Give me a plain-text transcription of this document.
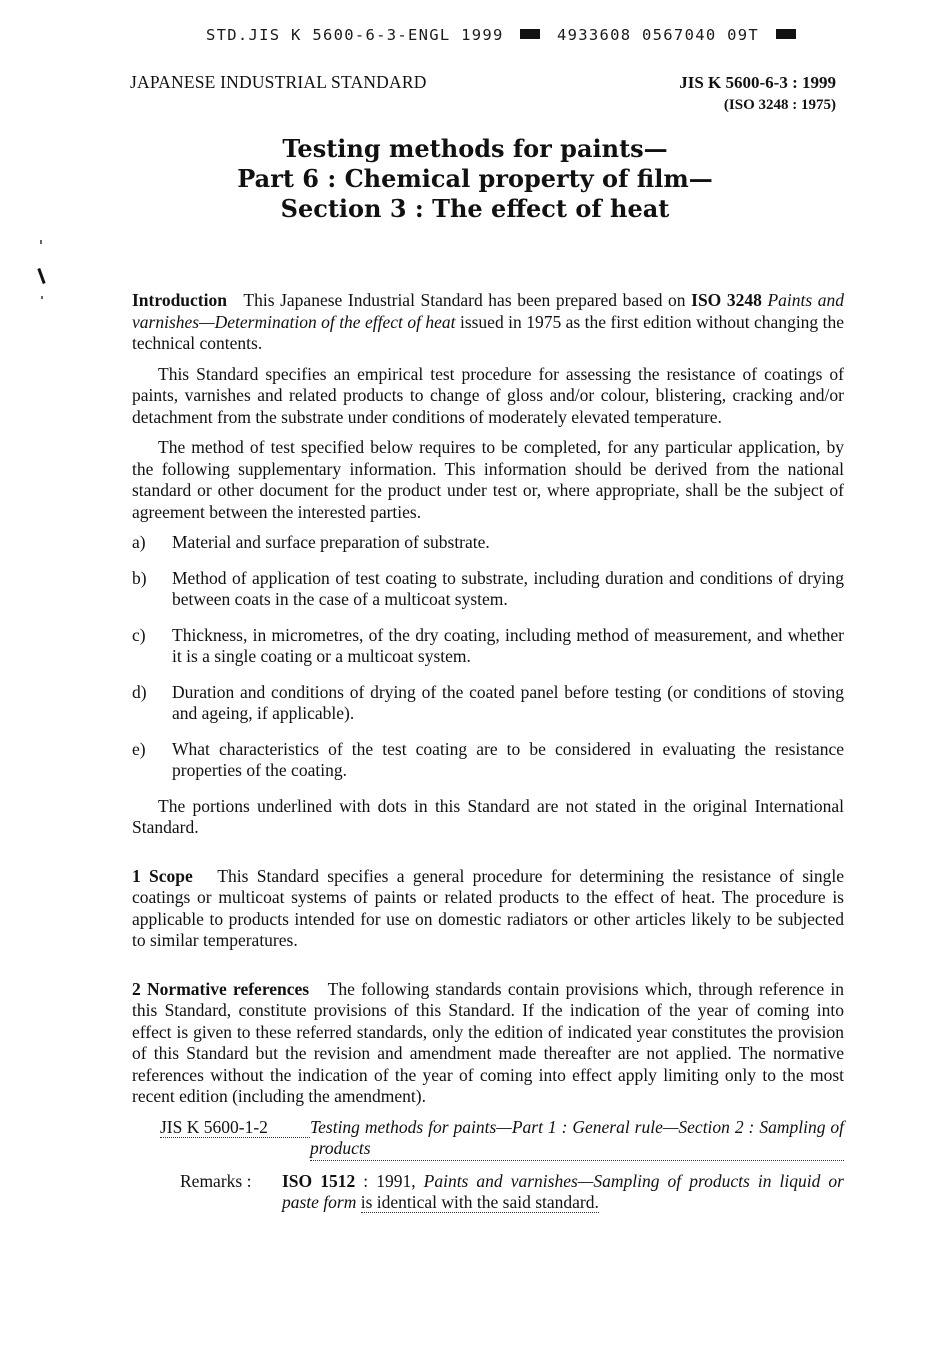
STD.JIS K 5600-6-3-ENGL 1999	4933608 0567040 09T
JAPANESE INDUSTRIAL STANDARD	JIS K 5600-6-3 : 1999
(ISO 3248 : 1975)
Testing methods for paints—
Part 6 : Chemical property of film—
Section 3 : The effect of heat

Introduction This Japanese Industrial Standard has been prepared based on ISO 3248 Paints and varnishes—Determination of the effect of heat issued in 1975 as the first edition without changing the technical contents.

This Standard specifies an empirical test procedure for assessing the resistance of coatings of paints, varnishes and related products to change of gloss and/or colour, blistering, cracking and/or detachment from the substrate under conditions of moderately elevated temperature.

The method of test specified below requires to be completed, for any particular application, by the following supplementary information. This information should be derived from the national standard or other document for the product under test or, where appropriate, shall be the subject of agreement between the interested parties.

a)	Material and surface preparation of substrate.
b)	Method of application of test coating to substrate, including duration and conditions of drying between coats in the case of a multicoat system.
c)	Thickness, in micrometres, of the dry coating, including method of measurement, and whether it is a single coating or a multicoat system.
d)	Duration and conditions of drying of the coated panel before testing (or conditions of stoving and ageing, if applicable).
e)	What characteristics of the test coating are to be considered in evaluating the resistance properties of the coating.

The portions underlined with dots in this Standard are not stated in the original International Standard.

1 Scope This Standard specifies a general procedure for determining the resistance of single coatings or multicoat systems of paints or related products to the effect of heat. The procedure is applicable to products intended for use on domestic radiators or other articles likely to be subjected to similar temperatures.

2 Normative references The following standards contain provisions which, through reference in this Standard, constitute provisions of this Standard. If the indication of the year of coming into effect is given to these referred standards, only the edition of indicated year constitutes the provision of this Standard but the revision and amendment made thereafter are not applied. The normative references without the indication of the year of coming into effect apply limiting only to the most recent edition (including the amendment).

JIS K 5600-1-2	Testing methods for paints—Part 1 : General rule—Section 2 : Sampling of products
Remarks :	ISO 1512 : 1991, Paints and varnishes—Sampling of products in liquid or paste form is identical with the said standard.
